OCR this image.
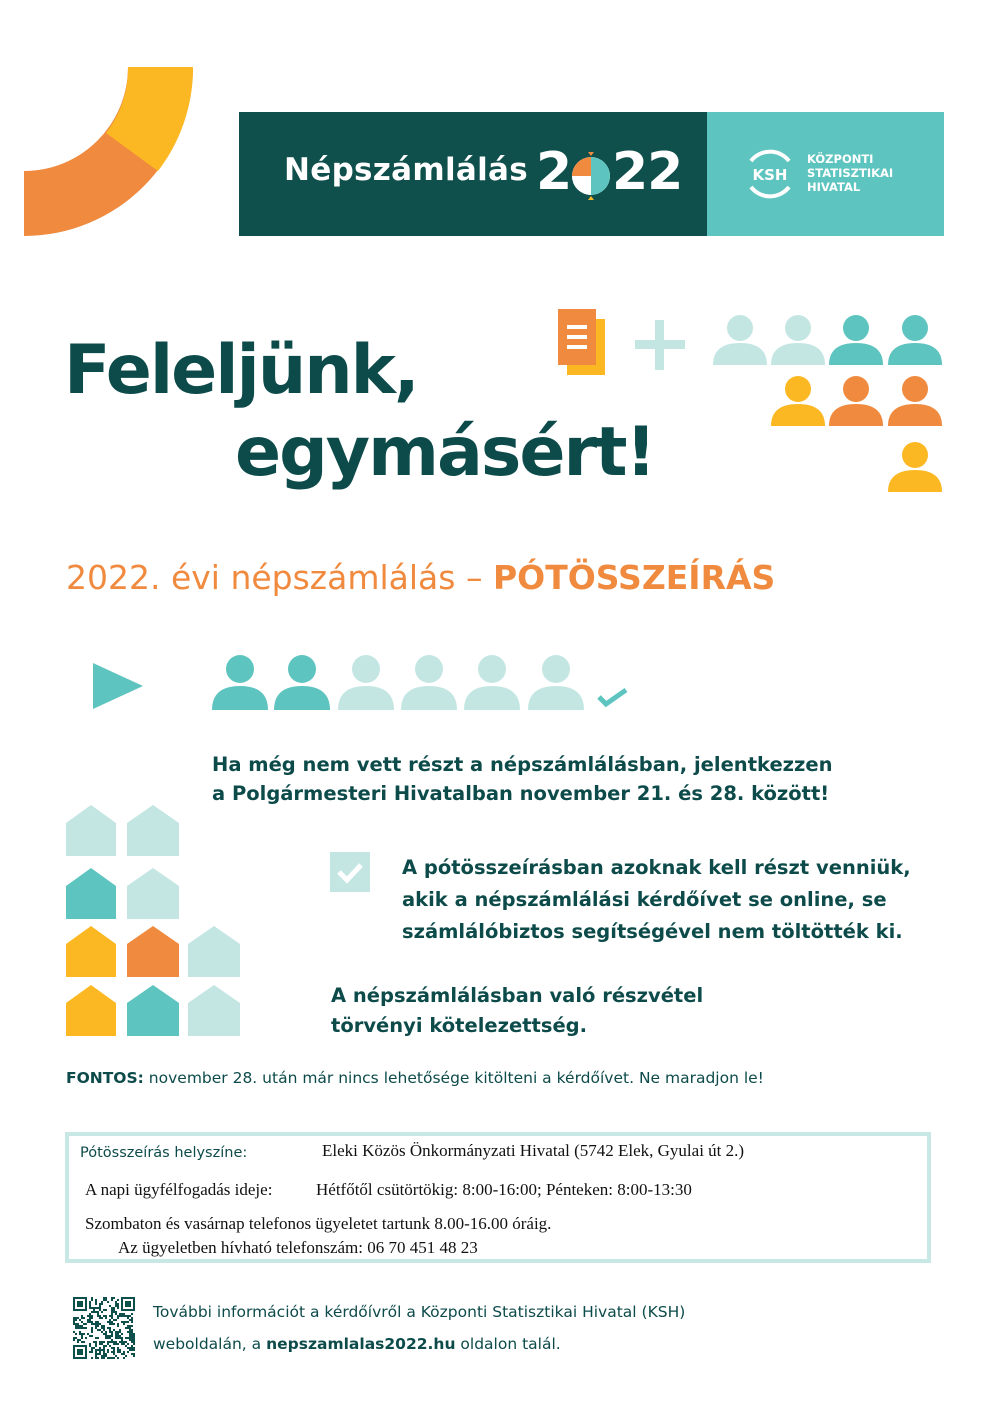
Népszámlálás 2 22	KSH
KÖZPONTI
STATISZTIKAI
HIVATAL
Feleljünk,
egymásért!
2022. évi népszámlálás – PÓTÖSSZEÍRÁS
Ha még nem vett részt a népszámlálásban, jelentkezzen
a Polgármesteri Hivatalban november 21. és 28. között!
A pótösszeírásban azoknak kell részt venniük,
akik a népszámlálási kérdőívet se online, se
számlálóbiztos segítségével nem töltötték ki.
A népszámlálásban való részvétel
törvényi kötelezettség.
FONTOS: november 28. után már nincs lehetősége kitölteni a kérdőívet. Ne maradjon le!
Pótösszeírás helyszíne:	Eleki Közös Önkormányzati Hivatal (5742 Elek, Gyulai út 2.)
A napi ügyfélfogadás ideje:	Hétfőtől csütörtökig: 8:00-16:00; Pénteken: 8:00-13:30
Szombaton és vasárnap telefonos ügyeletet tartunk 8.00-16.00 óráig.
Az ügyeletben hívható telefonszám: 06 70 451 48 23
További információt a kérdőívről a Központi Statisztikai Hivatal (KSH)
weboldalán, a nepszamlalas2022.hu oldalon talál.
